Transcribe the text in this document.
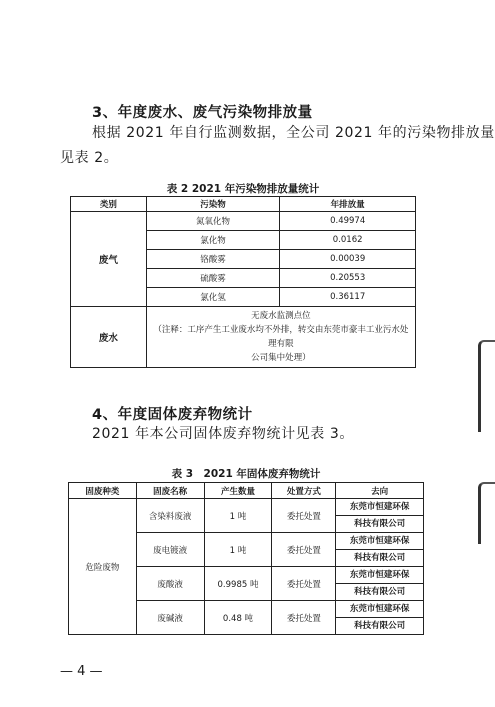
3、年度废水、废气污染物排放量
根据 2021 年自行监测数据，全公司 2021 年的污染物排放量
见表 2。
表 2 2021 年污染物排放量统计
类别	污染物	年排放量
废气	氮氧化物	0.49974
	氯化物	0.0162
	铬酸雾	0.00039
	硫酸雾	0.20553
	氯化氢	0.36117
废水	无废水监测点位
（注释：工序产生工业废水均不外排，转交由东莞市豪丰工业污水处理有限
公司集中处理）	
4、年度固体废弃物统计
2021 年本公司固体废弃物统计见表 3。
表 3　2021 年固体废弃物统计
固废种类	固废名称	产生数量	处置方式	去向
危险废物	含染料废液	1 吨	委托处置	东莞市恒建环保
科技有限公司

	废电镀液	1 吨	委托处置	东莞市恒建环保
科技有限公司

	废酸液	0.9985 吨	委托处置	东莞市恒建环保
科技有限公司

	废碱液	0.48 吨	委托处置	东莞市恒建环保
科技有限公司
— 4 —
